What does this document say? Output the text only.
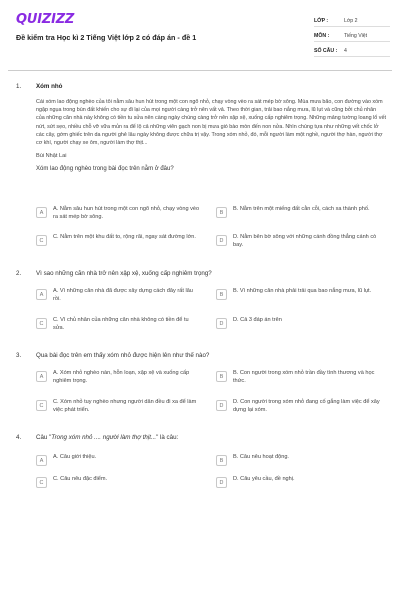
QUIZIZZ
Đề kiểm tra Học kì 2 Tiếng Việt lớp 2 có đáp án - đề 1
LỚP :	Lớp 2
MÔN :	Tiếng Việt
SỐ CÂU :	4
1. Xóm nhỏ
Cái xóm lao động nghèo của tôi nằm sâu hun hút trong một con ngõ nhỏ, chạy vòng vèo ra sát mép bờ sông. Mùa mưa bão, con đường vào xóm ngập ngụa trong bùn đất khiến cho sự đi lại của mọi người càng trở nên vất vả. Theo thời gian, trải bao nắng mưa, lũ lụt và cũng bởi chủ nhân của những căn nhà này không có tiền tu sửa nên càng ngày chúng càng trở nên xập xệ, xuống cấp nghiêm trọng. Những mảng tường loang lổ vết nứt, sứt sẹo, nhiều chỗ vỡ vữa mủn ra để lộ cả những viên gạch non bị mưa gió bào mòn đến non nửa. Nhìn chúng tựa như những vết chốc lở các cây, gớm ghiếc trên da người ghẻ lâu ngày không được chữa trị vậy. Trong xóm nhỏ, đó, mỗi người làm một nghề, người thợ hàn, người thợ cơ khí, người chạy xe ôm, người làm thợ thịt...
Bùi Nhật Lai
Xóm lao động nghèo trong bài đọc trên nằm ở đâu?
A
A. Nằm sâu hun hút trong một con ngõ nhỏ, chạy vòng vèo ra sát mép bờ sông.
B
B. Nằm trên một miếng đất cằn cỗi, cách xa thành phố.
C
C. Nằm trên một khu đất to, rộng rãi, ngay sát đường lớn.
D
D. Nằm bên bờ sông với những cánh đồng thẳng cánh cò bay.
2. Vì sao những căn nhà trở nên xập xệ, xuống cấp nghiêm trọng?
A
A. Vì những căn nhà đã được xây dựng cách đây rất lâu rồi.
B
B. Vì những căn nhà phải trải qua bao nắng mưa, lũ lụt.
C
C. Vì chủ nhân của những căn nhà không có tiền để tu sửa.
D
D. Cả 3 đáp án trên
3. Qua bài đọc trên em thấy xóm nhỏ được hiện lên như thế nào?
A
A. Xóm nhỏ nghèo nàn, hỗn loạn, xập xệ và xuống cấp nghiêm trọng.
B
B. Con người trong xóm nhỏ trần đầy tình thương và học thức.
C
C. Xóm nhỏ tuy nghèo nhưng người dân đều đi xa để làm việc phát triển.
D
D. Con người trong xóm nhỏ đang cố gắng làm việc để xây dựng lại xóm.
4. Câu "Trong xóm nhỏ .... người làm thợ thịt..." là câu:
A
A. Câu giới thiệu.
B
B. Câu nêu hoạt động.
C
C. Câu nêu đặc điểm.
D
D. Câu yêu cầu, đề nghị.
